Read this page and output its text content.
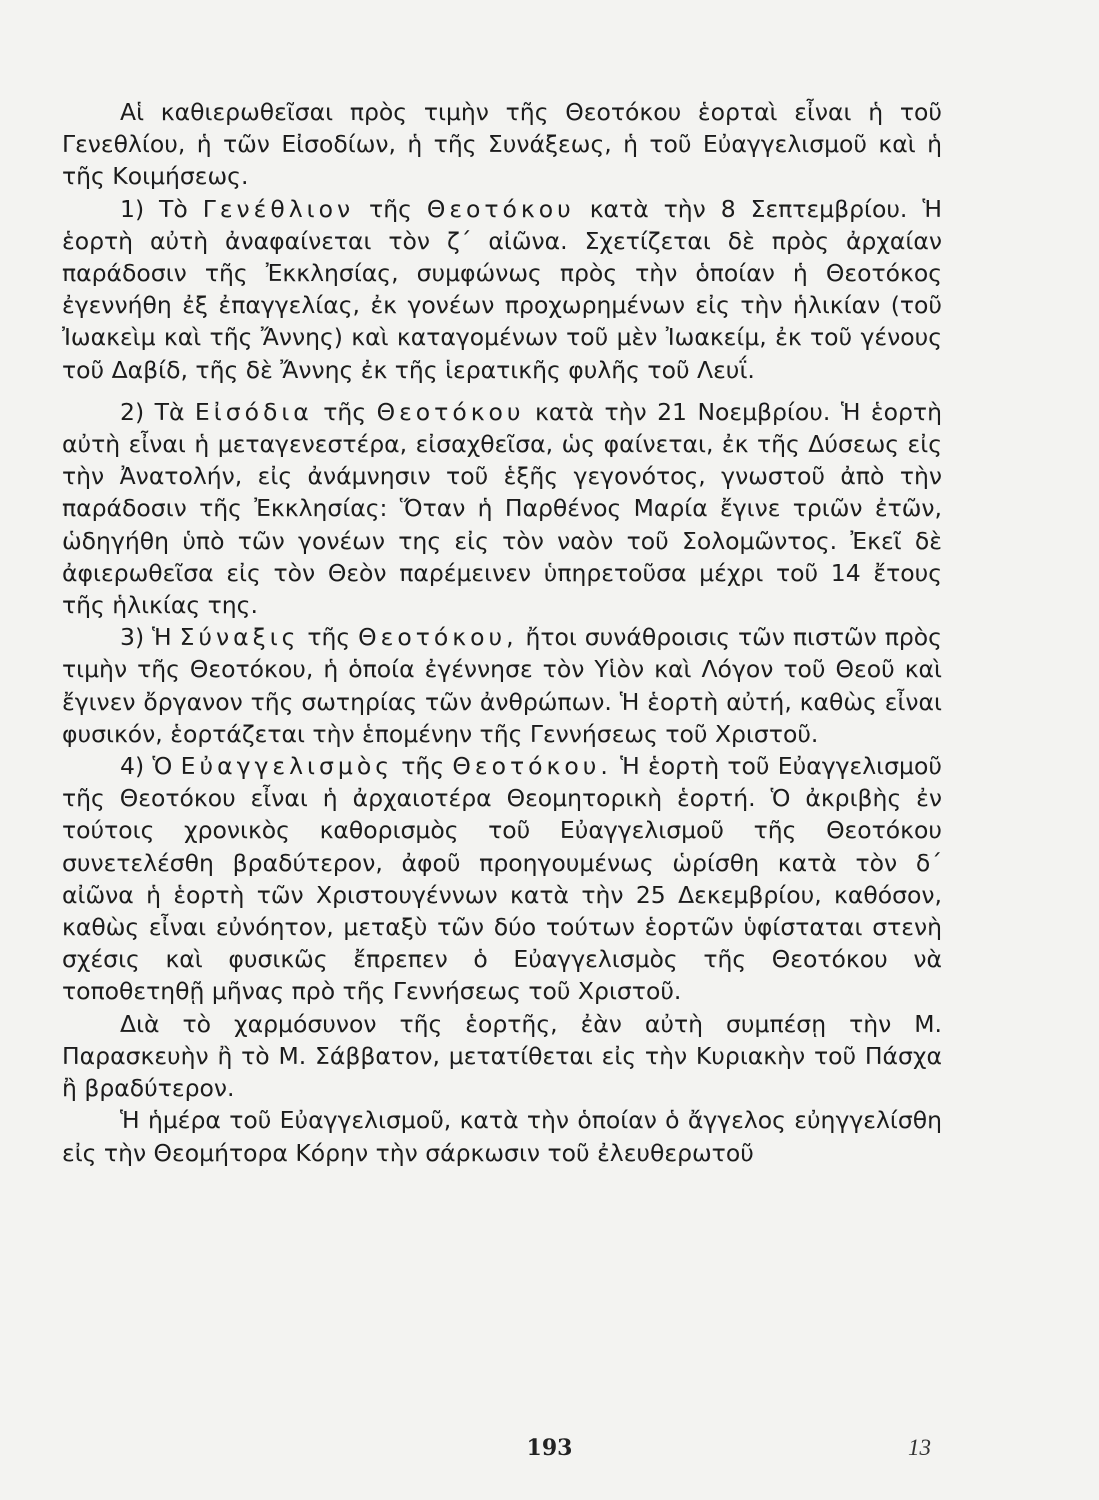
Αἱ καθιερωθεῖσαι πρὸς τιμὴν τῆς Θεοτόκου ἑορταὶ εἶναι ἡ τοῦ Γενεθλίου, ἡ τῶν Εἰσοδίων, ἡ τῆς Συνάξεως, ἡ τοῦ Εὐαγγελισμοῦ καὶ ἡ τῆς Κοιμήσεως.

1) Τὸ Γενέθλιον τῆς Θεοτόκου κατὰ τὴν 8 Σεπτεμβρίου. Ἡ ἑορτὴ αὐτὴ ἀναφαίνεται τὸν ζ´ αἰῶνα. Σχετίζεται δὲ πρὸς ἀρχαίαν παράδοσιν τῆς Ἐκκλησίας, συμφώνως πρὸς τὴν ὁποίαν ἡ Θεοτόκος ἐγεννήθη ἐξ ἐπαγγελίας, ἐκ γονέων προχωρημένων εἰς τὴν ἡλικίαν (τοῦ Ἰωακεὶμ καὶ τῆς Ἄννης) καὶ καταγομένων τοῦ μὲν Ἰωακείμ, ἐκ τοῦ γένους τοῦ Δαβίδ, τῆς δὲ Ἄννης ἐκ τῆς ἱερατικῆς φυλῆς τοῦ Λευΐ.

2) Τὰ Εἰσόδια τῆς Θεοτόκου κατὰ τὴν 21 Νοεμβρίου. Ἡ ἑορτὴ αὐτὴ εἶναι ἡ μεταγενεστέρα, εἰσαχθεῖσα, ὡς φαίνεται, ἐκ τῆς Δύσεως εἰς τὴν Ἀνατολήν, εἰς ἀνάμνησιν τοῦ ἑξῆς γεγονότος, γνωστοῦ ἀπὸ τὴν παράδοσιν τῆς Ἐκκλησίας: Ὅταν ἡ Παρθένος Μαρία ἔγινε τριῶν ἐτῶν, ὡδηγήθη ὑπὸ τῶν γονέων της εἰς τὸν ναὸν τοῦ Σολομῶντος. Ἐκεῖ δὲ ἀφιερωθεῖσα εἰς τὸν Θεὸν παρέμεινεν ὑπηρετοῦσα μέχρι τοῦ 14 ἔτους τῆς ἡλικίας της.

3) Ἡ Σύναξις τῆς Θεοτόκου, ἤτοι συνάθροισις τῶν πιστῶν πρὸς τιμὴν τῆς Θεοτόκου, ἡ ὁποία ἐγέννησε τὸν Υἱὸν καὶ Λόγον τοῦ Θεοῦ καὶ ἔγινεν ὄργανον τῆς σωτηρίας τῶν ἀνθρώπων. Ἡ ἑορτὴ αὐτή, καθὼς εἶναι φυσικόν, ἑορτάζεται τὴν ἑπομένην τῆς Γεννήσεως τοῦ Χριστοῦ.

4) Ὁ Εὐαγγελισμὸς τῆς Θεοτόκου. Ἡ ἑορτὴ τοῦ Εὐαγγελισμοῦ τῆς Θεοτόκου εἶναι ἡ ἀρχαιοτέρα Θεομητορικὴ ἑορτή. Ὁ ἀκριβὴς ἐν τούτοις χρονικὸς καθορισμὸς τοῦ Εὐαγγελισμοῦ τῆς Θεοτόκου συνετελέσθη βραδύτερον, ἀφοῦ προηγουμένως ὡρίσθη κατὰ τὸν δ´ αἰῶνα ἡ ἑορτὴ τῶν Χριστουγέννων κατὰ τὴν 25 Δεκεμβρίου, καθόσον, καθὼς εἶναι εὐνόητον, μεταξὺ τῶν δύο τούτων ἑορτῶν ὑφίσταται στενὴ σχέσις καὶ φυσικῶς ἔπρεπεν ὁ Εὐαγγελισμὸς τῆς Θεοτόκου νὰ τοποθετηθῇ μῆνας πρὸ τῆς Γεννήσεως τοῦ Χριστοῦ.

Διὰ τὸ χαρμόσυνον τῆς ἑορτῆς, ἐὰν αὐτὴ συμπέσῃ τὴν Μ. Παρασκευὴν ἢ τὸ Μ. Σάββατον, μετατίθεται εἰς τὴν Κυριακὴν τοῦ Πάσχα ἢ βραδύτερον.

Ἡ ἡμέρα τοῦ Εὐαγγελισμοῦ, κατὰ τὴν ὁποίαν ὁ ἄγγελος εὐηγγελίσθη εἰς τὴν Θεομήτορα Κόρην τὴν σάρκωσιν τοῦ ἐλευθερωτοῦ

193	13
